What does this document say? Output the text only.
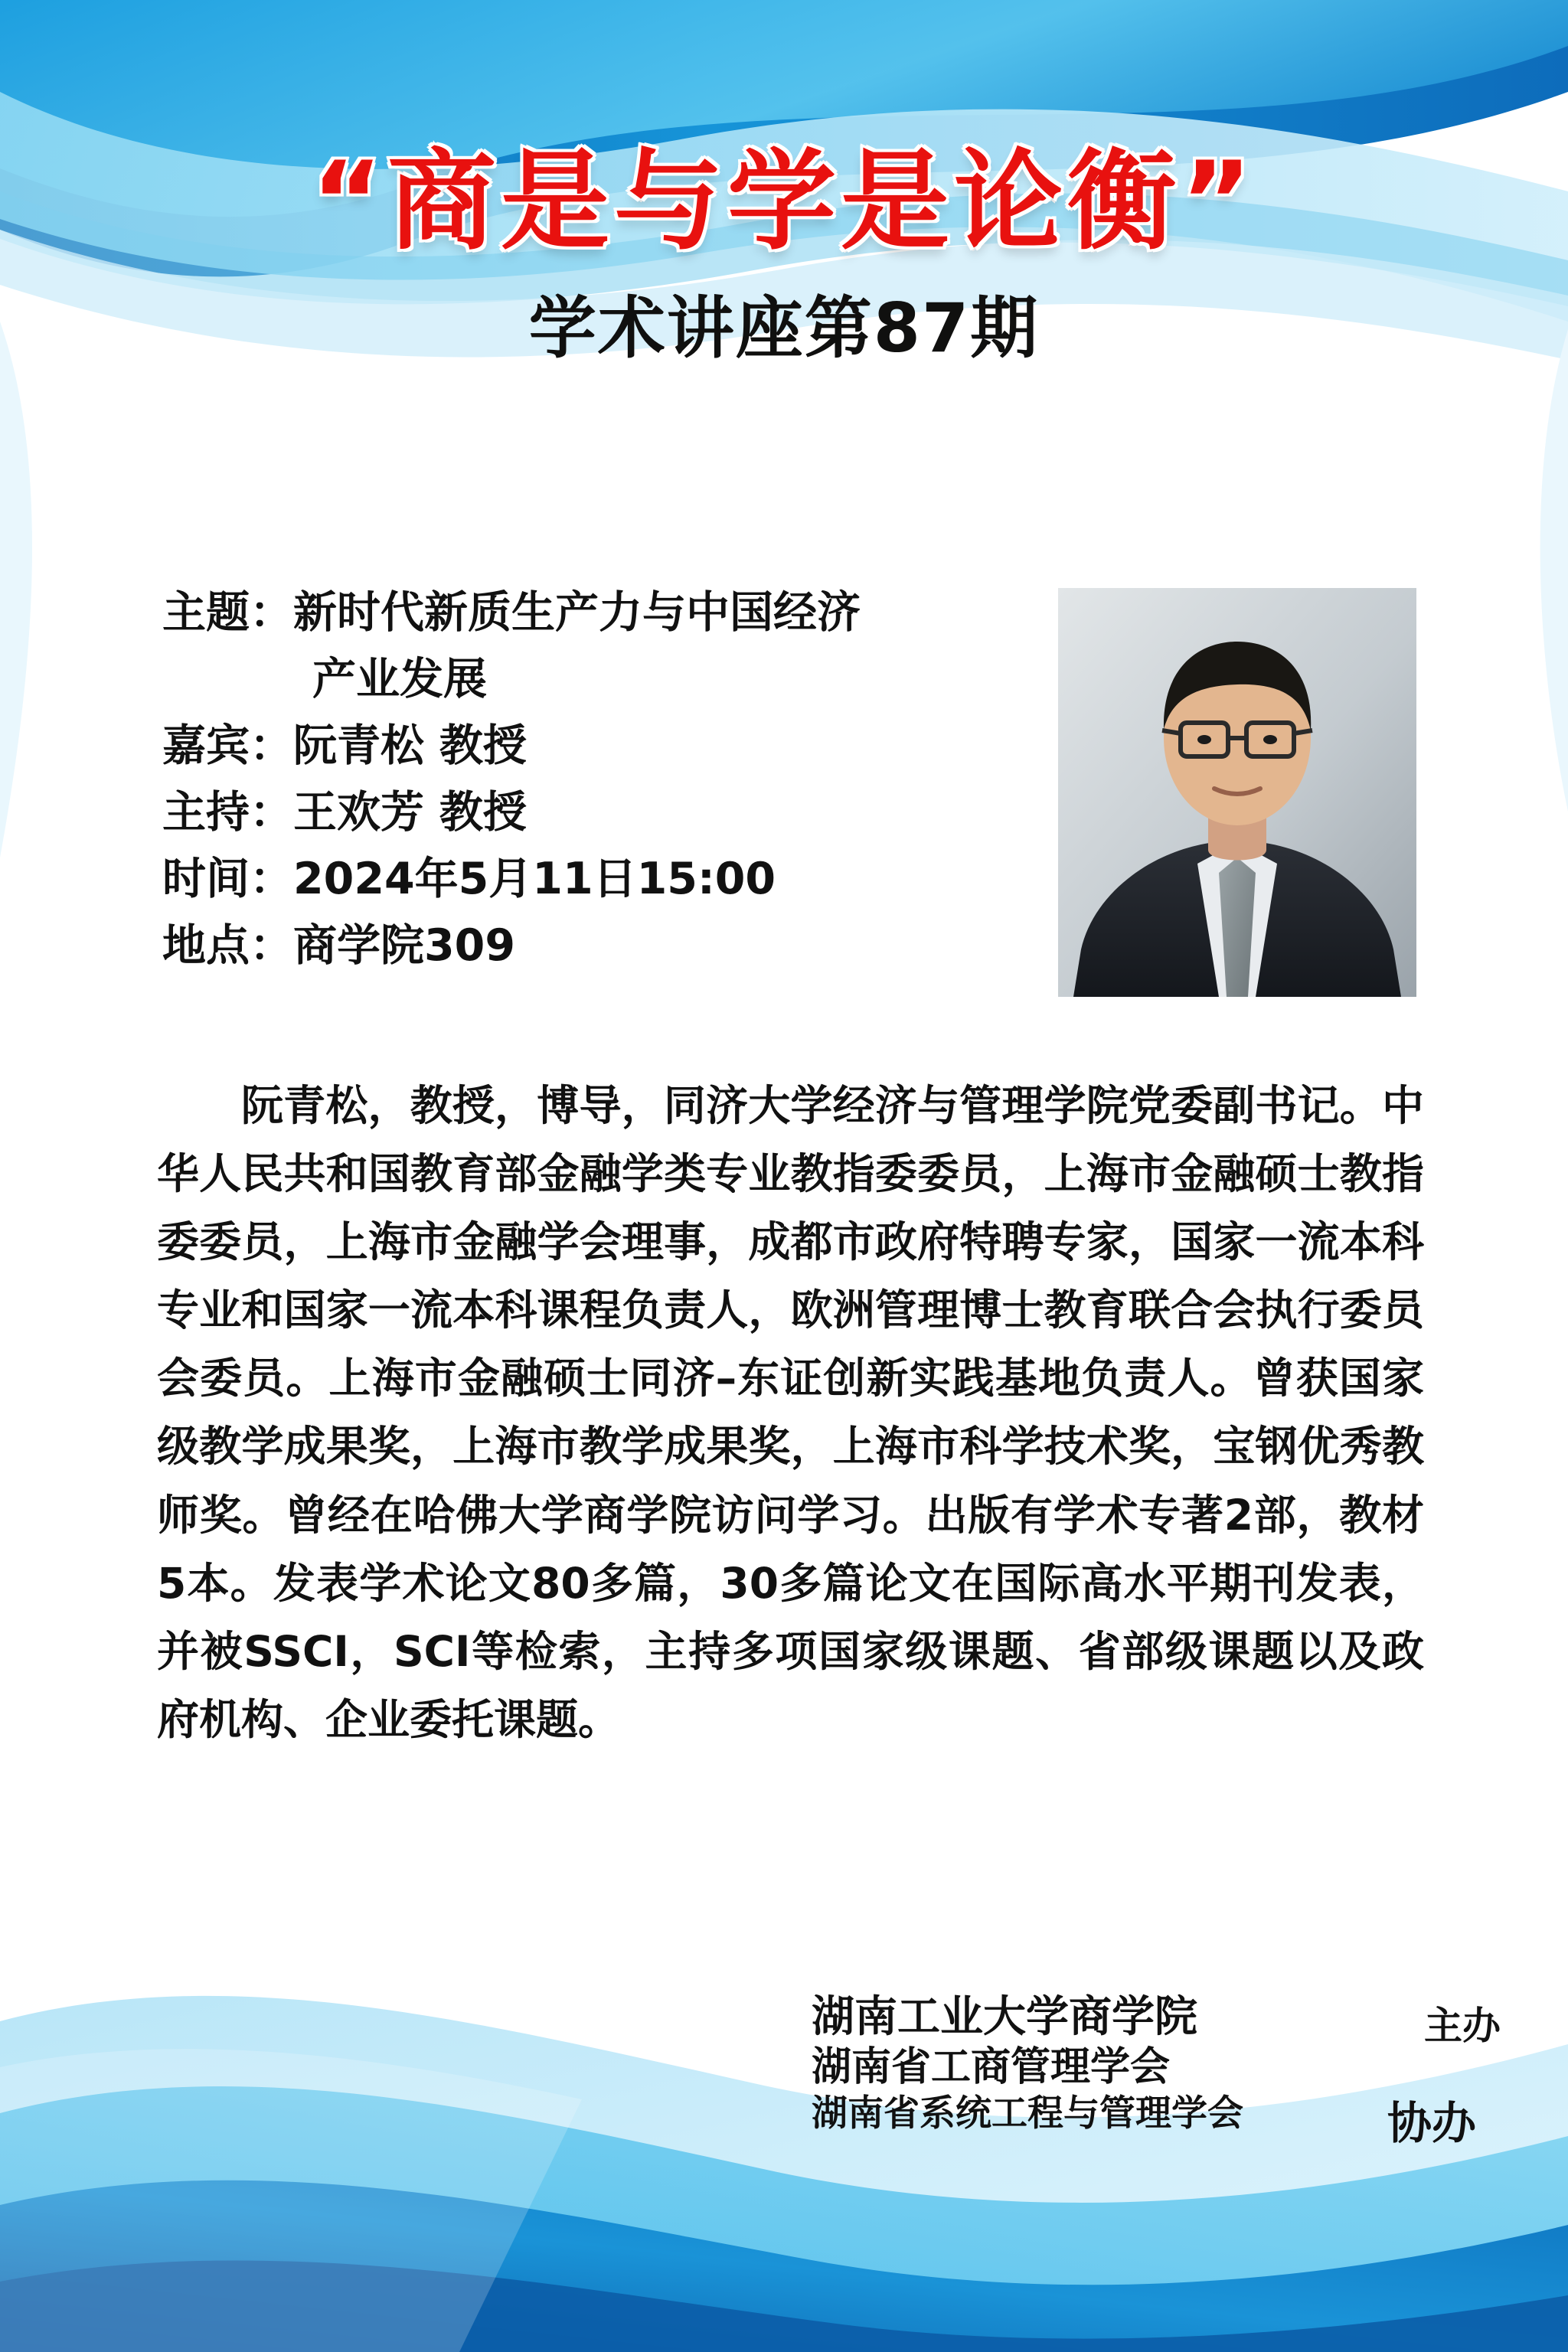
“商是与学是论衡”
学术讲座第87期
主题： 新时代新质生产力与中国经济
产业发展
嘉宾： 阮青松 教授
主持： 王欢芳 教授
时间： 2024年5月11日15:00
地点： 商学院309
阮青松，教授，博导，同济大学经济与管理学院党委副书记。中华人民共和国教育部金融学类专业教指委委员，上海市金融硕士教指委委员，上海市金融学会理事，成都市政府特聘专家，国家一流本科专业和国家一流本科课程负责人，欧洲管理博士教育联合会执行委员会委员。上海市金融硕士同济–东证创新实践基地负责人。曾获国家级教学成果奖，上海市教学成果奖，上海市科学技术奖，宝钢优秀教师奖。曾经在哈佛大学商学院访问学习。出版有学术专著2部，教材5本。发表学术论文80多篇，30多篇论文在国际高水平期刊发表，并被SSCI，SCI等检索，主持多项国家级课题、省部级课题以及政府机构、企业委托课题。
湖南工业大学商学院
湖南省工商管理学会
湖南省系统工程与管理学会
主办
协办
